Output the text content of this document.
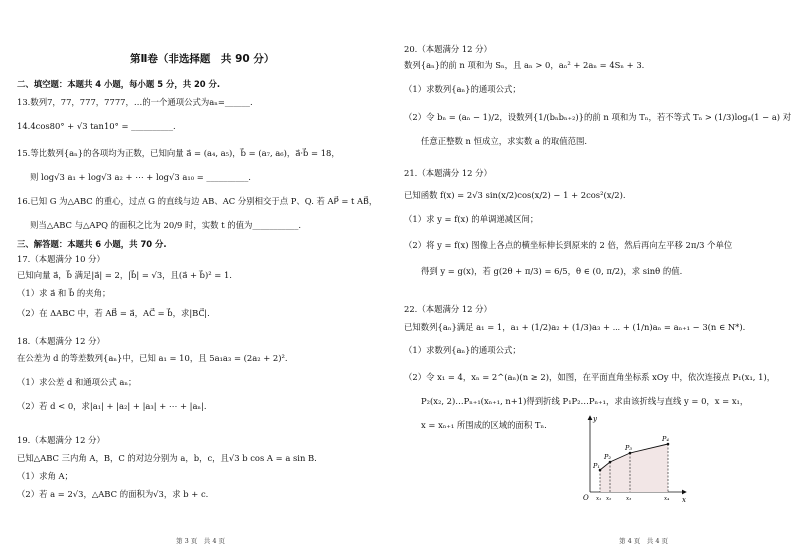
第Ⅱ卷（非选择题　共 90 分）
二、填空题：本题共 4 小题，每小题 5 分，共 20 分.
13.数列7，77，777，7777，…的一个通项公式为aₙ=______.
14.4cos80° + √3 tan10° = __________.
15.等比数列{aₙ}的各项均为正数，已知向量 a⃗ = (a₄, a₅)，b⃗ = (a₇, a₆)，a⃗·b⃗ = 18，
则 log√3 a₁ + log√3 a₂ + ⋯ + log√3 a₁₀ = __________.
16.已知 G 为△ABC 的重心，过点 G 的直线与边 AB、AC 分别相交于点 P、Q. 若 AP⃗ = t AB⃗，
则当△ABC 与△APQ 的面积之比为 20/9 时，实数 t 的值为___________.
三、解答题：本题共 6 小题，共 70 分.
17.（本题满分 10 分）
已知向量 a⃗，b⃗ 满足|a⃗| = 2，|b⃗| = √3，且(a⃗ + b⃗)² = 1.
（1）求 a⃗ 和 b⃗ 的夹角；
（2）在 ΔABC 中，若 AB⃗ = a⃗，AC⃗ = b⃗，求|BC⃗|.
18.（本题满分 12 分）
在公差为 d 的等差数列{aₙ}中，已知 a₁ = 10，且 5a₁a₃ = (2a₂ + 2)².
（1）求公差 d 和通项公式 aₙ；
（2）若 d < 0，求|a₁| + |a₂| + |a₃| + ⋯ + |aₙ|.
19.（本题满分 12 分）
已知△ABC 三内角 A，B，C 的对边分别为 a，b，c，且√3 b cos A = a sin B.
（1）求角 A；
（2）若 a = 2√3，△ABC 的面积为√3，求 b + c.
第 3 页　共 4 页
20.（本题满分 12 分）
数列{aₙ}的前 n 项和为 Sₙ，且 aₙ > 0，aₙ² + 2aₙ = 4Sₙ + 3.
（1）求数列{aₙ}的通项公式；
（2）令 bₙ = (aₙ − 1)/2，设数列{1/(bₙbₙ₊₂)}的前 n 项和为 Tₙ，若不等式 Tₙ > (1/3)logₐ(1 − a) 对
任意正整数 n 恒成立，求实数 a 的取值范围.
21.（本题满分 12 分）
已知函数 f(x) = 2√3 sin(x/2)cos(x/2) − 1 + 2cos²(x/2).
（1）求 y = f(x) 的单调递减区间；
（2）将 y = f(x) 图像上各点的横坐标伸长到原来的 2 倍，然后再向左平移 2π/3 个单位
得到 y = g(x)，若 g(2θ + π/3) = 6/5，θ ∈ (0, π/2)，求 sinθ 的值.
22.（本题满分 12 分）
已知数列{aₙ}满足 a₁ = 1，a₁ + (1/2)a₂ + (1/3)a₃ + ⋯ + (1/n)aₙ = aₙ₊₁ − 3(n ∈ N*).
（1）求数列{aₙ}的通项公式；
（2）令 x₁ = 4，xₙ = 2^(aₙ)(n ≥ 2)，如图，在平面直角坐标系 xOy 中，依次连接点 P₁(x₁, 1)，
P₂(x₂, 2)…Pₙ₊₁(xₙ₊₁, n+1)得到折线 P₁P₂…Pₙ₊₁，求由该折线与直线 y = 0，x = x₁，
x = xₙ₊₁ 所围成的区域的面积 Tₙ.
第 4 页　共 4 页
y
x
O
P₁
P₂
P₃
P₄
x₁ x₂	x₃	x₄
